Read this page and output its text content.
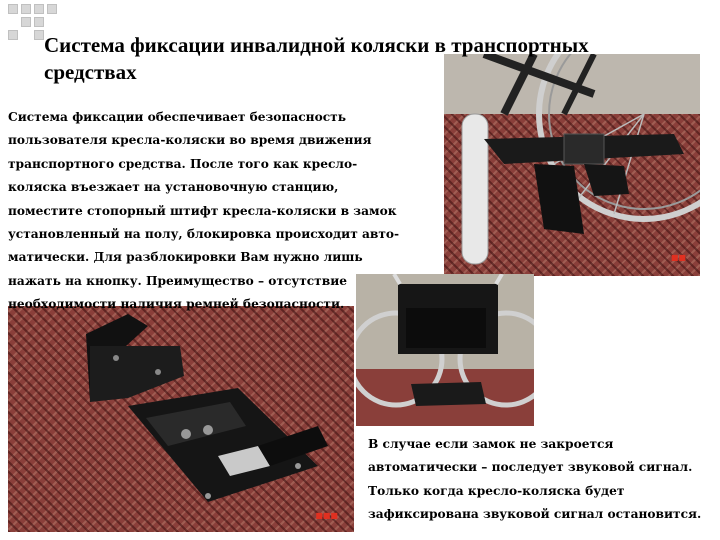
■■
■■■
Система фиксации инвалидной коляски в транспортных средствах

Система фиксации обеспечивает безопасность
пользователя кресла-коляски во время движения
транспортного средства. После того как кресло-
коляска въезжает на установочную станцию,
поместите стопорный штифт кресла-коляски в замок
установленный на полу, блокировка происходит авто-
матически. Для разблокировки Вам нужно лишь
нажать на кнопку. Преимущество – отсутствие
необходимости наличия ремней безопасности.

В случае если замок не закроется
автоматически – последует звуковой сигнал.
Только когда кресло-коляска будет
зафиксирована звуковой сигнал остановится.
